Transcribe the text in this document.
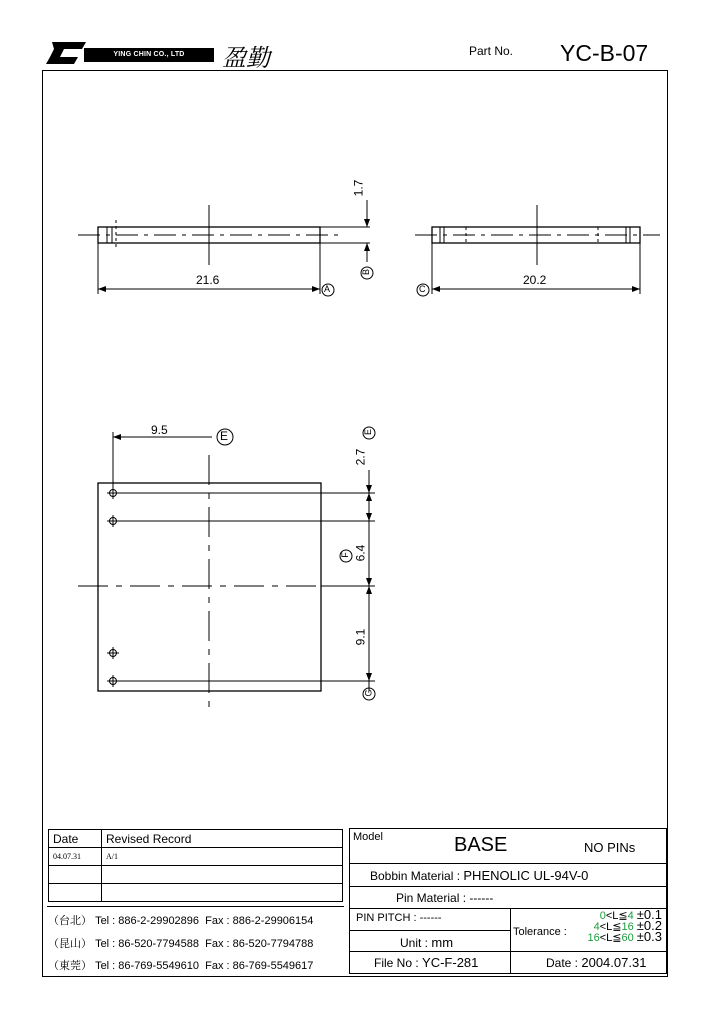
YING CHIN CO., LTD	盈勤	Part No. YC-B-07
1.7
21.6	20.2
9.5
2.7
6.4
9.1
A
B
C
E	E
F
G
Date	Revised Record
04.07.31	A/1

（台北） Tel : 886-2-29902896 Fax : 886-2-29906154
（昆山） Tel : 86-520-7794588 Fax : 86-520-7794788
（東莞） Tel : 86-769-5549610 Fax : 86-769-5549617
Model	BASE	NO PINs
Bobbin Material : PHENOLIC UL-94V-0
Pin Material : ------
PIN PITCH : ------
Unit : mm
Tolerance :
0<L≦4 ±0.1
4<L≦16 ±0.2
16<L≦60 ±0.3
File No : YC-F-281	Date : 2004.07.31
